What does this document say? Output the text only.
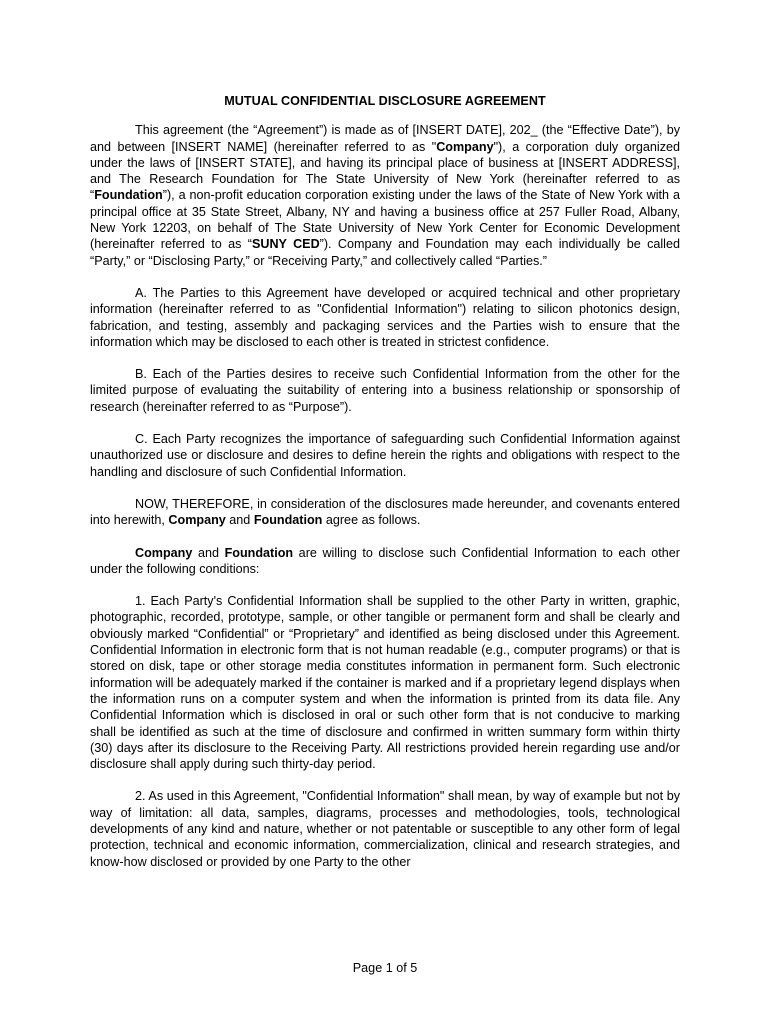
MUTUAL CONFIDENTIAL DISCLOSURE AGREEMENT

This agreement (the “Agreement”) is made as of [INSERT DATE], 202_ (the “Effective Date”), by and between [INSERT NAME] (hereinafter referred to as "Company"), a corporation duly organized under the laws of [INSERT STATE], and having its principal place of business at [INSERT ADDRESS], and The Research Foundation for The State University of New York (hereinafter referred to as “Foundation”), a non-profit education corporation existing under the laws of the State of New York with a principal office at 35 State Street, Albany, NY and having a business office at 257 Fuller Road, Albany, New York 12203, on behalf of The State University of New York Center for Economic Development (hereinafter referred to as “SUNY CED”). Company and Foundation may each individually be called “Party,” or “Disclosing Party,” or “Receiving Party,” and collectively called “Parties.”

A. The Parties to this Agreement have developed or acquired technical and other proprietary information (hereinafter referred to as "Confidential Information") relating to silicon photonics design, fabrication, and testing, assembly and packaging services and the Parties wish to ensure that the information which may be disclosed to each other is treated in strictest confidence.

B. Each of the Parties desires to receive such Confidential Information from the other for the limited purpose of evaluating the suitability of entering into a business relationship or sponsorship of research (hereinafter referred to as “Purpose”).

C. Each Party recognizes the importance of safeguarding such Confidential Information against unauthorized use or disclosure and desires to define herein the rights and obligations with respect to the handling and disclosure of such Confidential Information.

NOW, THEREFORE, in consideration of the disclosures made hereunder, and covenants entered into herewith, Company and Foundation agree as follows.

Company and Foundation are willing to disclose such Confidential Information to each other under the following conditions:

1. Each Party's Confidential Information shall be supplied to the other Party in written, graphic, photographic, recorded, prototype, sample, or other tangible or permanent form and shall be clearly and obviously marked “Confidential” or “Proprietary” and identified as being disclosed under this Agreement. Confidential Information in electronic form that is not human readable (e.g., computer programs) or that is stored on disk, tape or other storage media constitutes information in permanent form. Such electronic information will be adequately marked if the container is marked and if a proprietary legend displays when the information runs on a computer system and when the information is printed from its data file. Any Confidential Information which is disclosed in oral or such other form that is not conducive to marking shall be identified as such at the time of disclosure and confirmed in written summary form within thirty (30) days after its disclosure to the Receiving Party. All restrictions provided herein regarding use and/or disclosure shall apply during such thirty-day period.

2. As used in this Agreement, "Confidential Information" shall mean, by way of example but not by way of limitation: all data, samples, diagrams, processes and methodologies, tools, technological developments of any kind and nature, whether or not patentable or susceptible to any other form of legal protection, technical and economic information, commercialization, clinical and research strategies, and know-how disclosed or provided by one Party to the other

Page 1 of 5
